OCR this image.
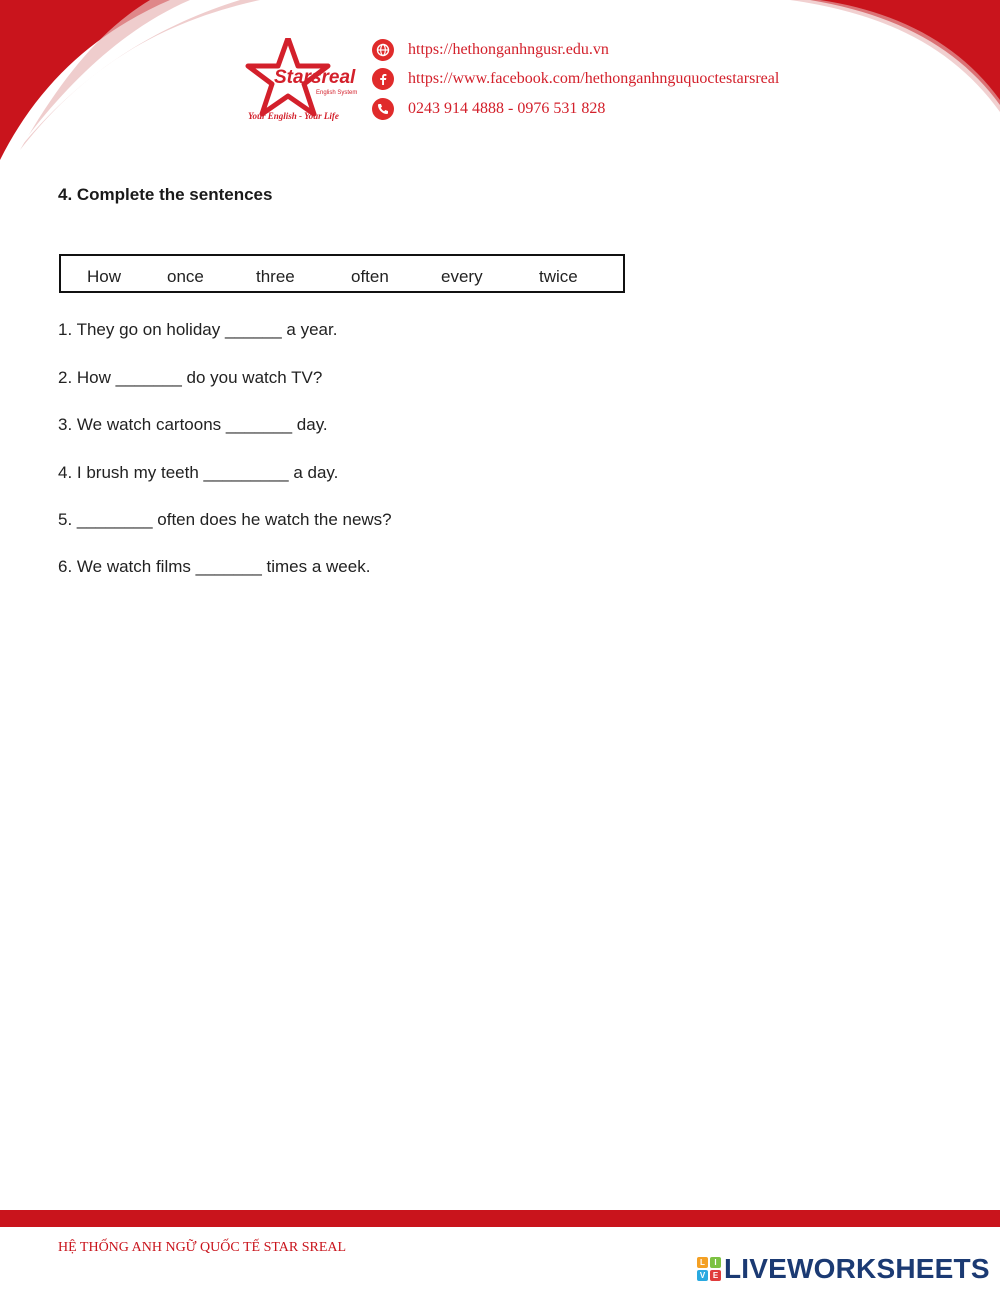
Starsreal
English System
Your English - Your Life
https://hethonganhngusr.edu.vn
https://www.facebook.com/hethonganhnguquoctestarsreal
0243 914 4888 - 0976 531 828
4. Complete the sentences
How	once	three	often	every	twice
1. They go on holiday ______ a year.
2. How _______ do you watch TV?
3. We watch cartoons _______ day.
4. I brush my teeth _________ a day.
5. ________ often does he watch the news?
6. We watch films _______ times a week.
HỆ THỐNG ANH NGỮ QUỐC TẾ STAR SREAL
L	I
V E LIVEWORKSHEETS
